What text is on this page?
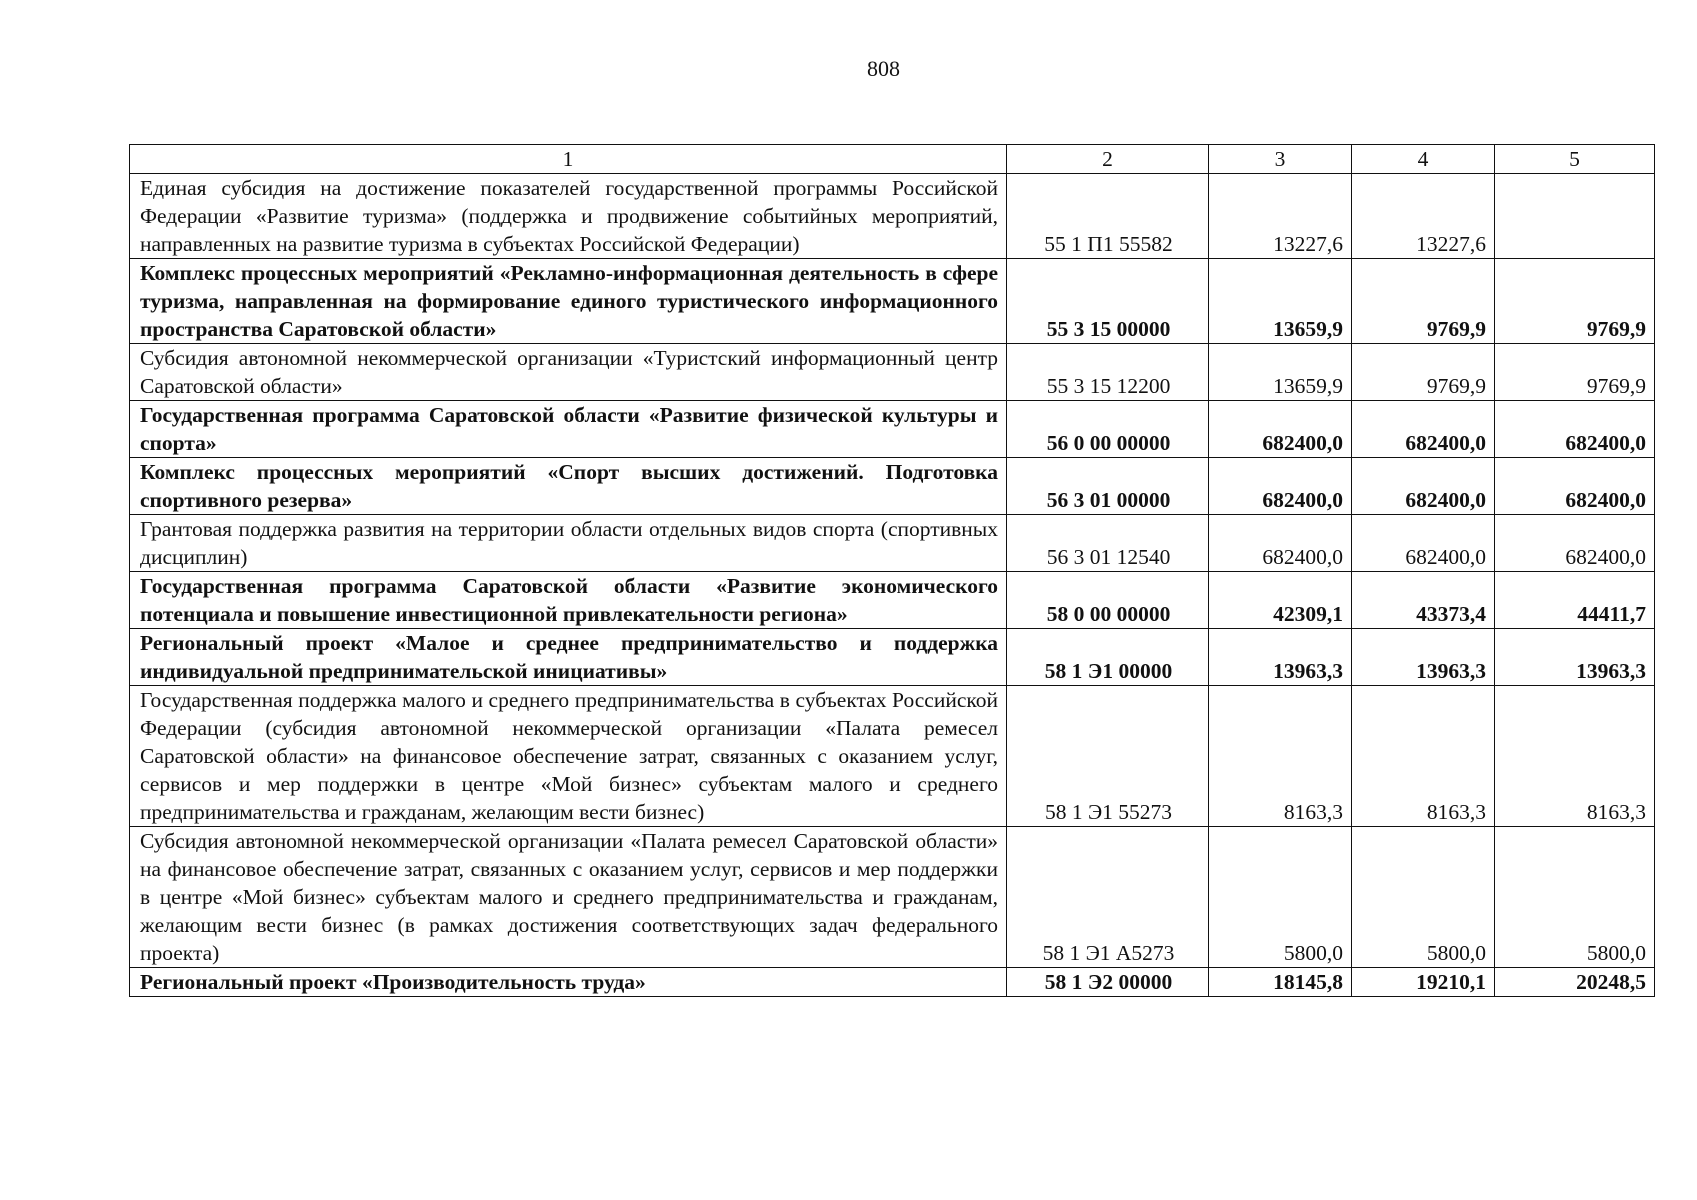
808
1	2	3	4	5
Единая субсидия на достижение показателей государственной программы Российской Федерации «Развитие туризма» (поддержка и продвижение событийных мероприятий, направленных на развитие туризма в субъектах Российской Федерации)	55 1 П1 55582	13227,6	13227,6	
Комплекс процессных мероприятий «Рекламно-информационная деятельность в сфере туризма, направленная на формирование единого туристического информационного пространства Саратовской области»	55 3 15 00000	13659,9	9769,9	9769,9
Субсидия автономной некоммерческой организации «Туристский информационный центр Саратовской области»	55 3 15 12200	13659,9	9769,9	9769,9
Государственная программа Саратовской области «Развитие физической культуры и спорта»	56 0 00 00000	682400,0	682400,0	682400,0
Комплекс процессных мероприятий «Спорт высших достижений. Подготовка спортивного резерва»	56 3 01 00000	682400,0	682400,0	682400,0
Грантовая поддержка развития на территории области отдельных видов спорта (спортивных дисциплин)	56 3 01 12540	682400,0	682400,0	682400,0
Государственная программа Саратовской области «Развитие экономического потенциала и повышение инвестиционной привлекательности региона»	58 0 00 00000	42309,1	43373,4	44411,7
Региональный проект «Малое и среднее предпринимательство и поддержка индивидуальной предпринимательской инициативы»	58 1 Э1 00000	13963,3	13963,3	13963,3
Государственная поддержка малого и среднего предпринимательства в субъектах Российской Федерации (субсидия автономной некоммерческой организации «Палата ремесел Саратовской области» на финансовое обеспечение затрат, связанных с оказанием услуг, сервисов и мер поддержки в центре «Мой бизнес» субъектам малого и среднего предпринимательства и гражданам, желающим вести бизнес)	58 1 Э1 55273	8163,3	8163,3	8163,3
Субсидия автономной некоммерческой организации «Палата ремесел Саратовской области» на финансовое обеспечение затрат, связанных с оказанием услуг, сервисов и мер поддержки в центре «Мой бизнес» субъектам малого и среднего предпринимательства и гражданам, желающим вести бизнес (в рамках достижения соответствующих задач федерального проекта)	58 1 Э1 А5273	5800,0	5800,0	5800,0
Региональный проект «Производительность труда»	58 1 Э2 00000	18145,8	19210,1	20248,5
